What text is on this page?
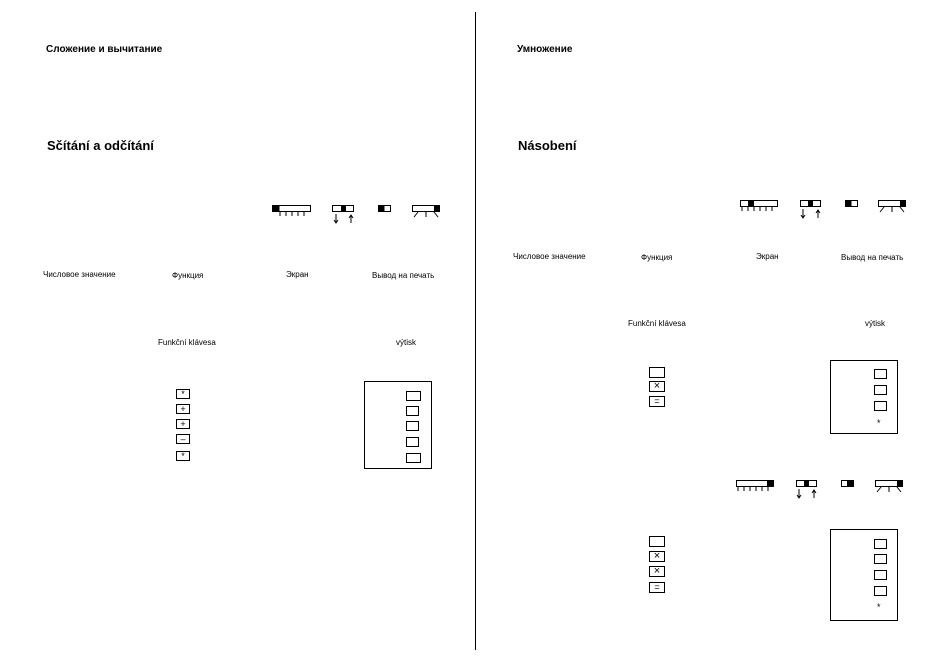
Сложение и вычитание
Sčítání a odčítání
Числовое значение	Функция	Экран	Вывод на печать
Funkční klávesa	výtisk
*
+
+
–
*
Умножение
Násobení
Числовое значение	Функция	Экран	Вывод на печать
Funkční klávesa	výtisk
×
=
*
×
×
=
*
